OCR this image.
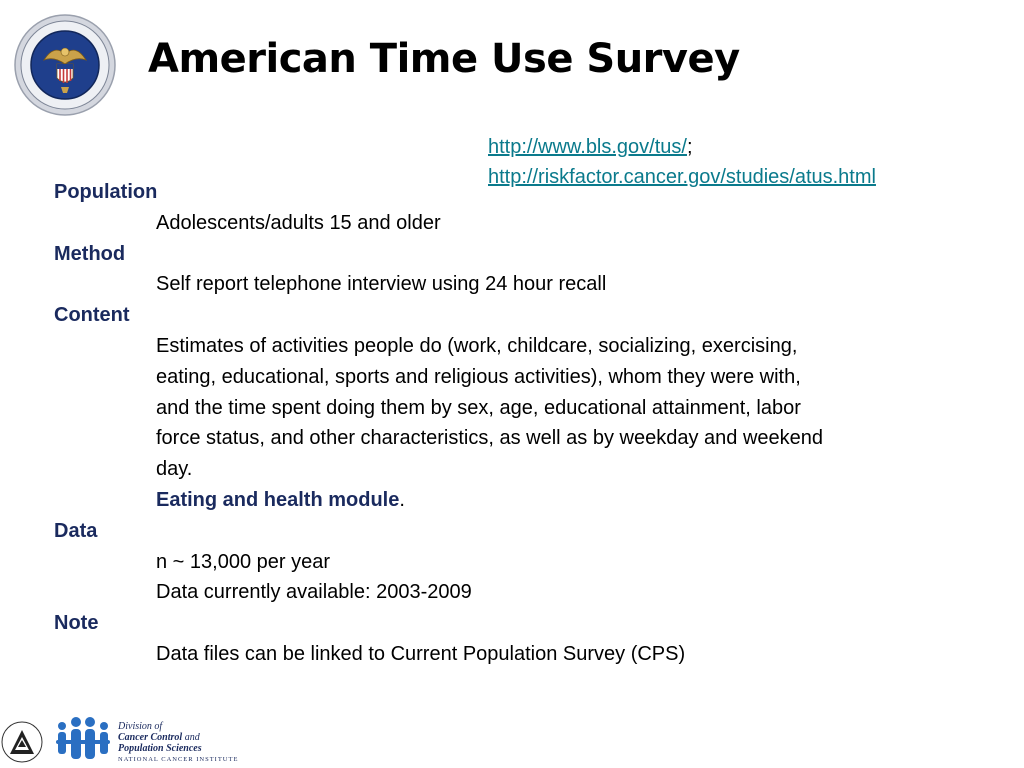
American Time Use Survey
http://www.bls.gov/tus/;
http://riskfactor.cancer.gov/studies/atus.html
Population
Adolescents/adults 15 and older
Method
Self report telephone interview using 24 hour recall
Content
Estimates of activities people do (work, childcare, socializing, exercising,
eating, educational, sports and religious activities), whom they were with,
and the time spent doing them by sex, age, educational attainment, labor
force status, and other characteristics, as well as by weekday and weekend
day.
Eating and health module.
Data
n ~ 13,000 per year
Data currently available: 2003-2009
Note
Data files can be linked to Current Population Survey (CPS)
Division of
Cancer Control and
Population Sciences
NATIONAL CANCER INSTITUTE
